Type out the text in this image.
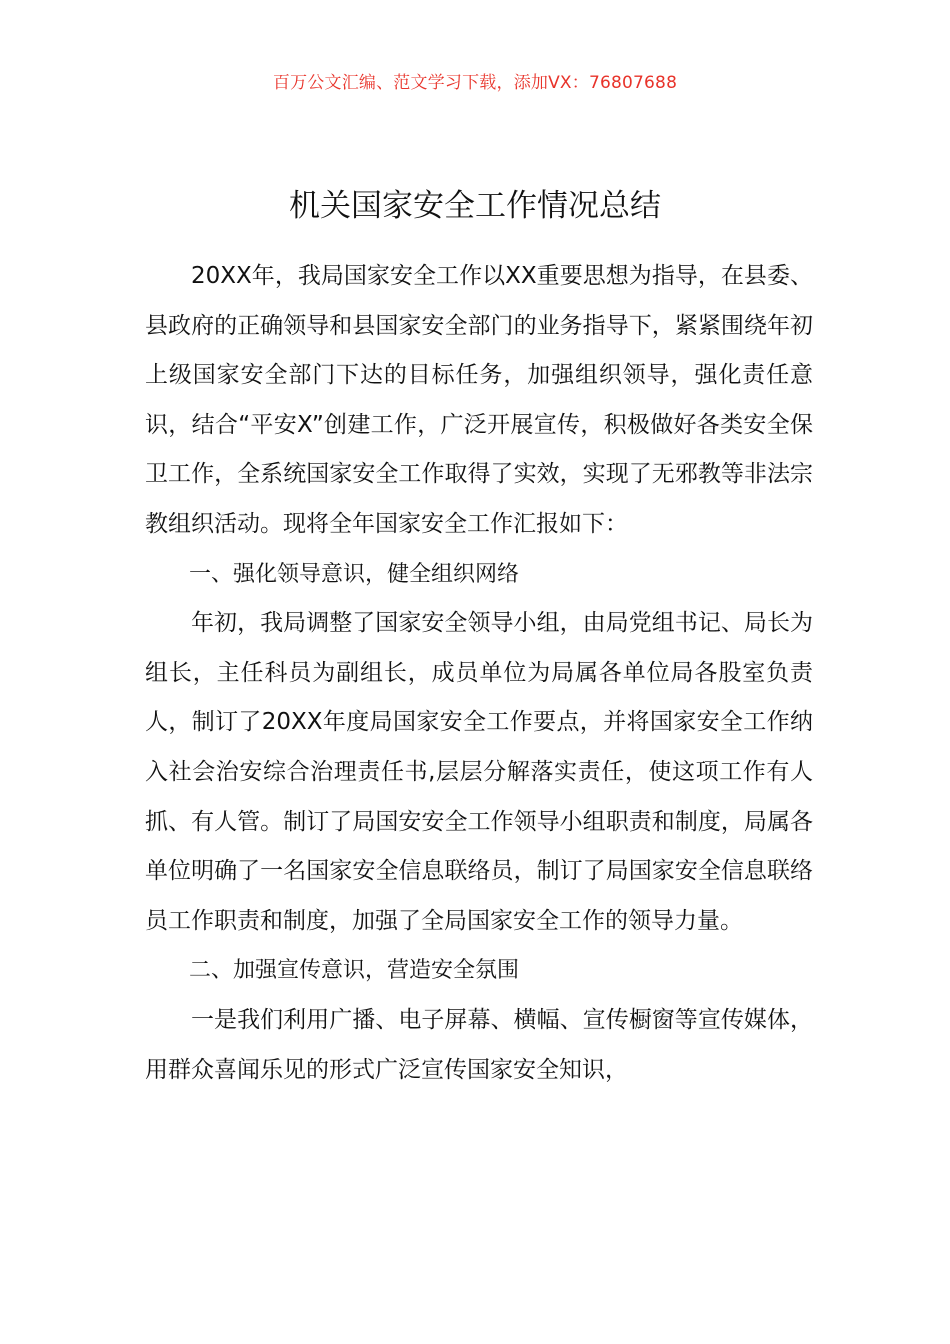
百万公文汇编、范文学习下载，添加VX：76807688
机关国家安全工作情况总结

20XX年，我局国家安全工作以XX重要思想为指导，在县委、县政府的正确领导和县国家安全部门的业务指导下，紧紧围绕年初上级国家安全部门下达的目标任务，加强组织领导，强化责任意识，结合“平安X”创建工作，广泛开展宣传，积极做好各类安全保卫工作，全系统国家安全工作取得了实效，实现了无邪教等非法宗教组织活动。现将全年国家安全工作汇报如下：

一、强化领导意识，健全组织网络

年初，我局调整了国家安全领导小组，由局党组书记、局长为组长，主任科员为副组长，成员单位为局属各单位局各股室负责人，制订了20XX年度局国家安全工作要点，并将国家安全工作纳入社会治安综合治理责任书,层层分解落实责任，使这项工作有人抓、有人管。制订了局国安安全工作领导小组职责和制度，局属各单位明确了一名国家安全信息联络员，制订了局国家安全信息联络员工作职责和制度，加强了全局国家安全工作的领导力量。

二、加强宣传意识，营造安全氛围

一是我们利用广播、电子屏幕、横幅、宣传橱窗等宣传媒体，用群众喜闻乐见的形式广泛宣传国家安全知识，
